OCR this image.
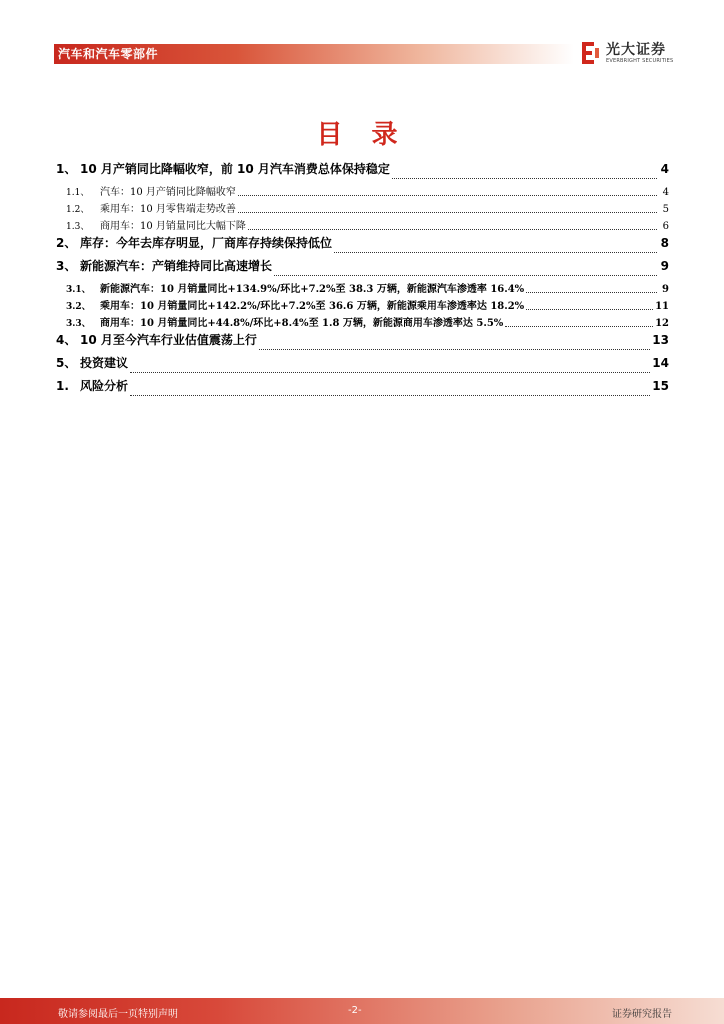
汽车和汽车零部件	光大证券
EVERBRIGHT SECURITIES
目 录
1、 10 月产销同比降幅收窄，前 10 月汽车消费总体保持稳定	4
1.1、	汽车：10 月产销同比降幅收窄	4
1.2、	乘用车：10 月零售端走势改善	5
1.3、	商用车：10 月销量同比大幅下降	6
2、 库存：今年去库存明显，厂商库存持续保持低位	8
3、 新能源汽车：产销维持同比高速增长	9
3.1、 新能源汽车：10 月销量同比+134.9%/环比+7.2%至 38.3 万辆，新能源汽车渗透率 16.4%	9
3.2、 乘用车：10 月销量同比+142.2%/环比+7.2%至 36.6 万辆，新能源乘用车渗透率达 18.2%	11
3.3、 商用车：10 月销量同比+44.8%/环比+8.4%至 1.8 万辆，新能源商用车渗透率达 5.5%	12
4、 10 月至今汽车行业估值震荡上行	13
5、 投资建议	14
1. 风险分析	15
敬请参阅最后一页特别声明	-2-	证券研究报告
